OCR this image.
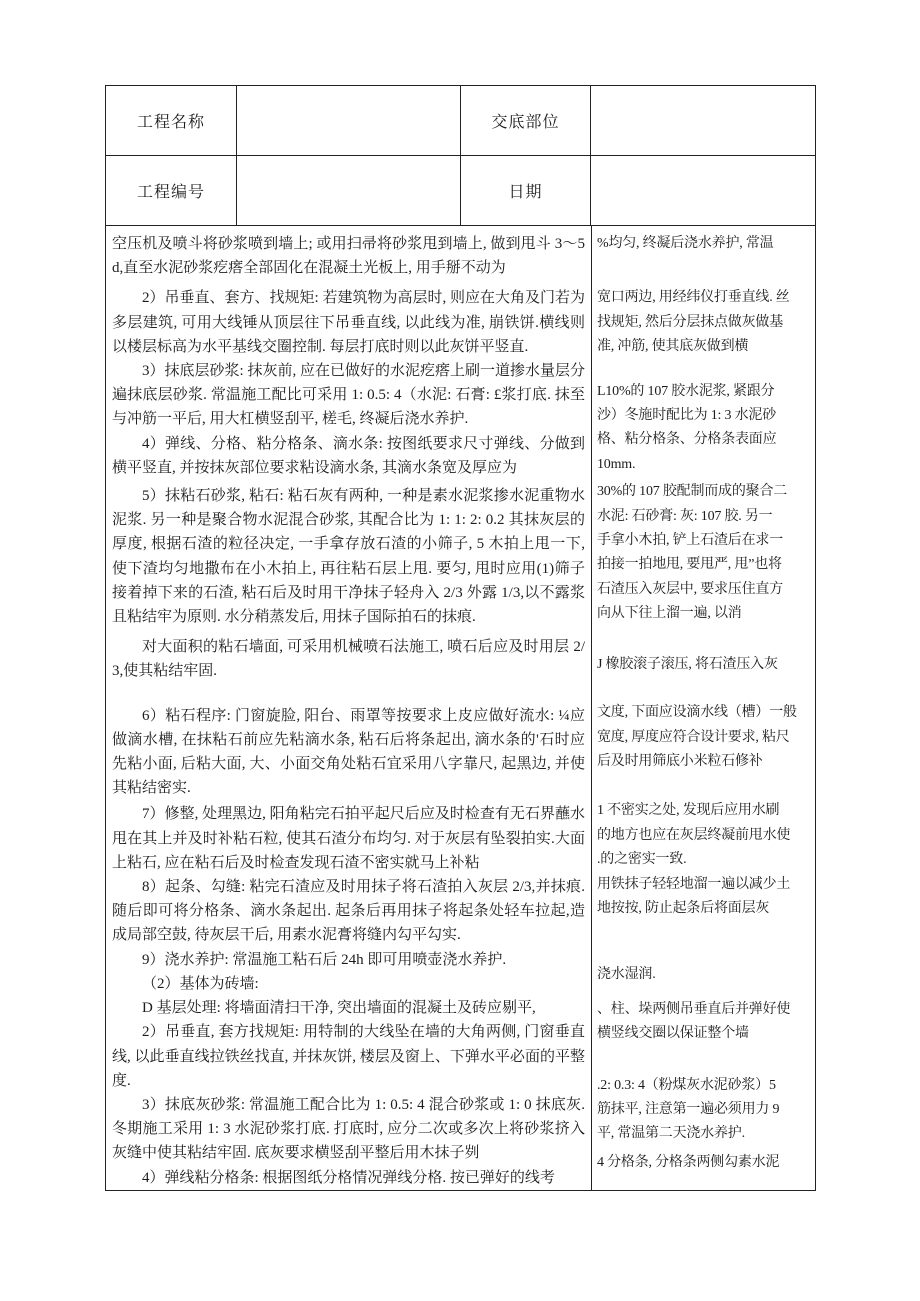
工程名称	交底部位
工程编号	日期
空压机及喷斗将砂浆喷到墙上; 或用扫帚将砂浆甩到墙上, 做到甩斗 3～5d,直至水泥砂浆疙瘩全部固化在混凝土光板上, 用手掰不动为
2）吊垂直、套方、找规矩: 若建筑物为高层时, 则应在大角及门若为多层建筑, 可用大线锤从顶层往下吊垂直线, 以此线为准, 崩铁饼.横线则以楼层标高为水平基线交圈控制. 每层打底时则以此灰饼平竖直.
3）抹底层砂浆: 抹灰前, 应在已做好的水泥疙瘩上刷一道掺水量层分遍抹底层砂浆. 常温施工配比可采用 1: 0.5: 4（水泥: 石膏: £浆打底. 抹至与冲筋一平后, 用大杠横竖刮平, 槎毛, 终凝后浇水养护.
4）弹线、分格、粘分格条、滴水条: 按图纸要求尺寸弹线、分做到横平竖直, 并按抹灰部位要求粘设滴水条, 其滴水条宽及厚应为
5）抹粘石砂浆, 粘石: 粘石灰有两种, 一种是素水泥浆掺水泥重物水泥浆. 另一种是聚合物水泥混合砂浆, 其配合比为 1: 1: 2: 0.2 其抹灰层的厚度, 根据石渣的粒径决定, 一手拿存放石渣的小筛子, 5 木拍上甩一下, 使下渣均匀地撒布在小木拍上, 再往粘石层上甩. 要匀, 甩时应用(1)筛子接着掉下来的石渣, 粘石后及时用干净抹子轻舟入 2/3 外露 1/3,以不露浆且粘结牢为原则. 水分稍蒸发后, 用抹子国际拍石的抹痕.
对大面积的粘石墙面, 可采用机械喷石法施工, 喷石后应及时用层 2/3,使其粘结牢固.
6）粘石程序: 门窗旋脸, 阳台、雨罩等按要求上皮应做好流水: ¼应做滴水槽, 在抹粘石前应先粘滴水条, 粘石后将条起出, 滴水条的'石时应先粘小面, 后粘大面, 大、小面交角处粘石宜采用八字靠尺, 起黑边, 并使其粘结密实.
7）修整, 处理黑边, 阳角粘完石拍平起尺后应及时检查有无石界蘸水甩在其上并及时补粘石粒, 使其石渣分布均匀. 对于灰层有坠裂拍实.大面上粘石, 应在粘石后及时检查发现石渣不密实就马上补粘
8）起条、勾缝: 粘完石渣应及时用抹子将石渣拍入灰层 2/3,并抹痕. 随后即可将分格条、滴水条起出. 起条后再用抹子将起条处轻车拉起,造成局部空鼓, 待灰层干后, 用素水泥膏将缝内勾平勾实.
9）浇水养护: 常温施工粘石后 24h 即可用喷壶浇水养护.
（2）基体为砖墙:
D 基层处理: 将墙面清扫干净, 突出墙面的混凝土及砖应剔平,
2）吊垂直, 套方找规矩: 用特制的大线坠在墙的大角两侧, 门窗垂直线, 以此垂直线拉铁丝找直, 并抹灰饼, 楼层及窗上、下弹水平必面的平整度.
3）抹底灰砂浆: 常温施工配合比为 1: 0.5: 4 混合砂浆或 1: 0 抹底灰. 冬期施工采用 1: 3 水泥砂浆打底. 打底时, 应分二次或多次上将砂浆挤入灰缝中使其粘结牢固. 底灰要求横竖刮平整后用木抹子刿
4）弹线粘分格条: 根据图纸分格情况弹线分格. 按已弹好的线考
%均匀, 终凝后浇水养护, 常温
宽口两边, 用经纬仪打垂直线. 丝
找规矩, 然后分层抹点做灰做基
准, 冲筋, 使其底灰做到横
L10%的 107 胶水泥浆, 紧跟分
沙）冬施时配比为 1: 3 水泥砂
格、粘分格条、分格条表面应
10mm.
30%的 107 胶配制而成的聚合二
水泥: 石砂膏: 灰: 107 胶. 另一
手拿小木拍, 铲上石渣后在求一
拍接一拍地甩, 要甩严, 甩”也将
石渣压入灰层中, 要求压住直方
向从下往上溜一遍, 以消
J 橡胶滚子滚压, 将石渣压入灰
文度, 下面应设滴水线（槽）一般
宽度, 厚度应符合设计要求, 粘尺
后及时用筛底小米粒石修补
1 不密实之处, 发现后应用水刷
的地方也应在灰层终凝前甩水使
.的之密实一致.
用铁抹子轻轻地溜一遍以减少土
地按按, 防止起条后将面层灰
浇水湿润.
、柱、垛两侧吊垂直后并弹好使
横竖线交圈以保证整个墙
.2: 0.3: 4（粉煤灰水泥砂浆）5
筋抹平, 注意第一遍必须用力 9
平, 常温第二天浇水养护.
4 分格条, 分格条两侧勾素水泥
